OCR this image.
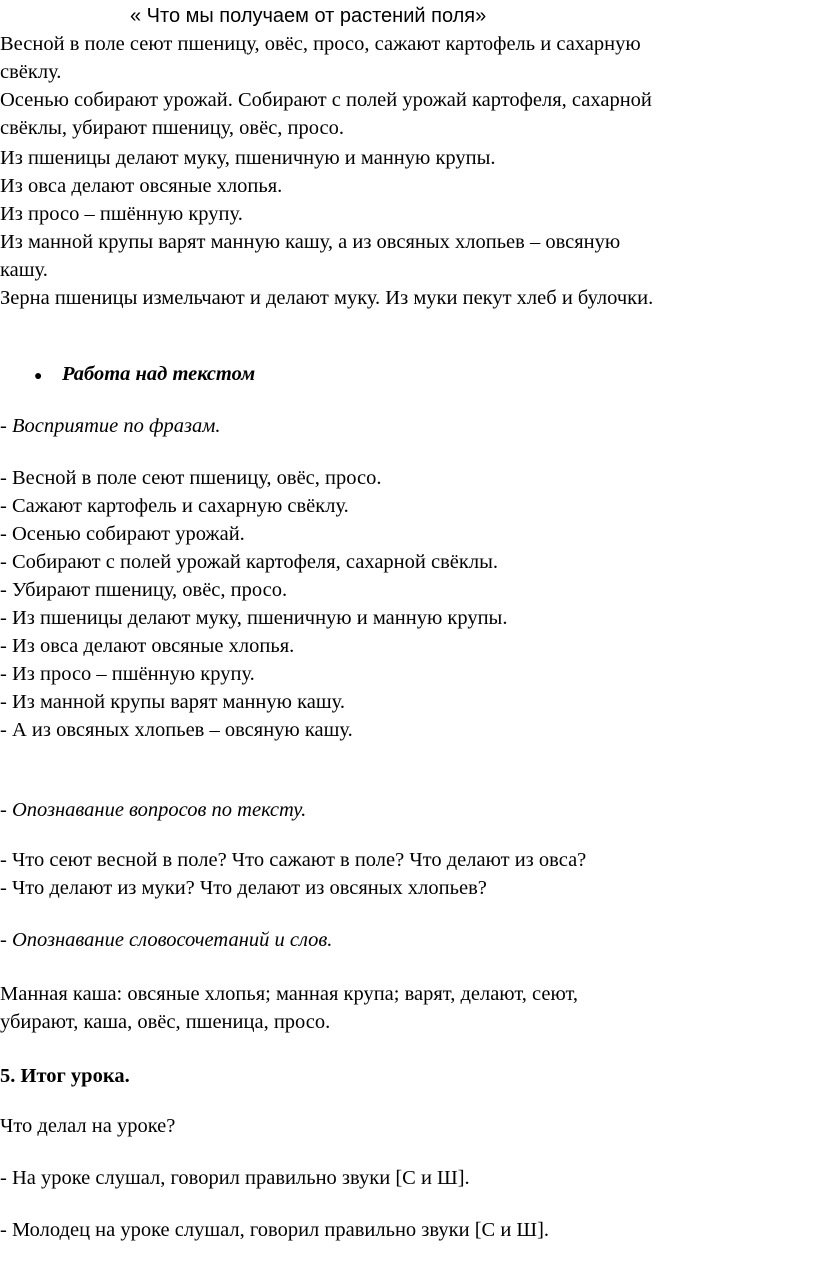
« Что мы получаем от растений поля»
Весной в поле сеют пшеницу, овёс, просо, сажают картофель и сахарную
свёклу.
Осенью собирают урожай. Собирают с полей урожай картофеля, сахарной
свёклы, убирают пшеницу, овёс, просо.
Из пшеницы делают муку, пшеничную и манную крупы.
Из овса делают овсяные хлопья.
Из просо – пшённую крупу.
Из манной крупы варят манную кашу, а из овсяных хлопьев – овсяную
кашу.
Зерна пшеницы измельчают и делают муку. Из муки пекут хлеб и булочки.
● Работа над текстом
- Восприятие по фразам.
- Весной в поле сеют пшеницу, овёс, просо.
- Сажают картофель и сахарную свёклу.
- Осенью собирают урожай.
- Собирают с полей урожай картофеля, сахарной свёклы.
- Убирают пшеницу, овёс, просо.
- Из пшеницы делают муку, пшеничную и манную крупы.
- Из овса делают овсяные хлопья.
- Из просо – пшённую крупу.
- Из манной крупы варят манную кашу.
- А из овсяных хлопьев – овсяную кашу.
- Опознавание вопросов по тексту.
- Что сеют весной в поле? Что сажают в поле? Что делают из овса?
- Что делают из муки? Что делают из овсяных хлопьев?
- Опознавание словосочетаний и слов.
Манная каша: овсяные хлопья; манная крупа; варят, делают, сеют,
убирают, каша, овёс, пшеница, просо.
5. Итог урока.
Что делал на уроке?
- На уроке слушал, говорил правильно звуки [С и Ш].
- Молодец на уроке слушал, говорил правильно звуки [С и Ш].
